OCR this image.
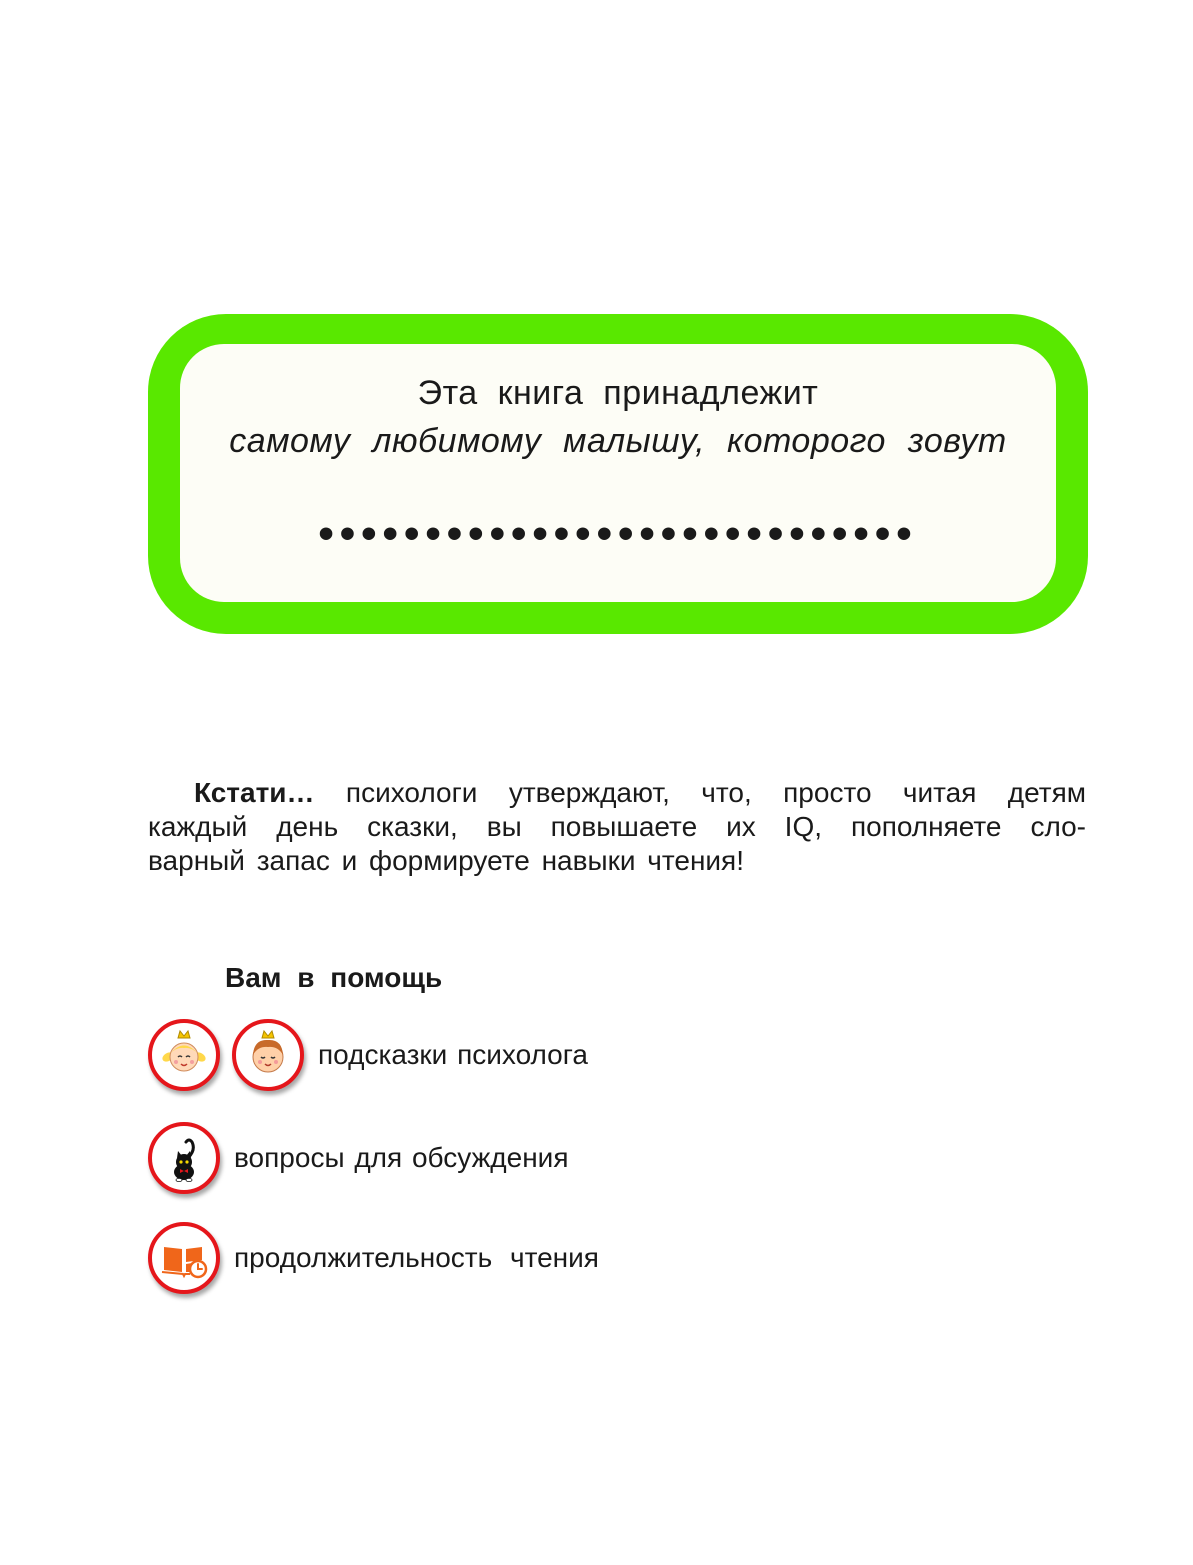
Эта книга принадлежит
самому любимому малышу, которого зовут
••••••••••••••••••••••••••••
Кстати… психологи утверждают, что, просто читая детям
каждый день сказки, вы повышаете их IQ, пополняете сло-
варный запас и формируете навыки чтения!
Вам в помощь
подсказки психолога
вопросы для обсуждения
продолжительность чтения
